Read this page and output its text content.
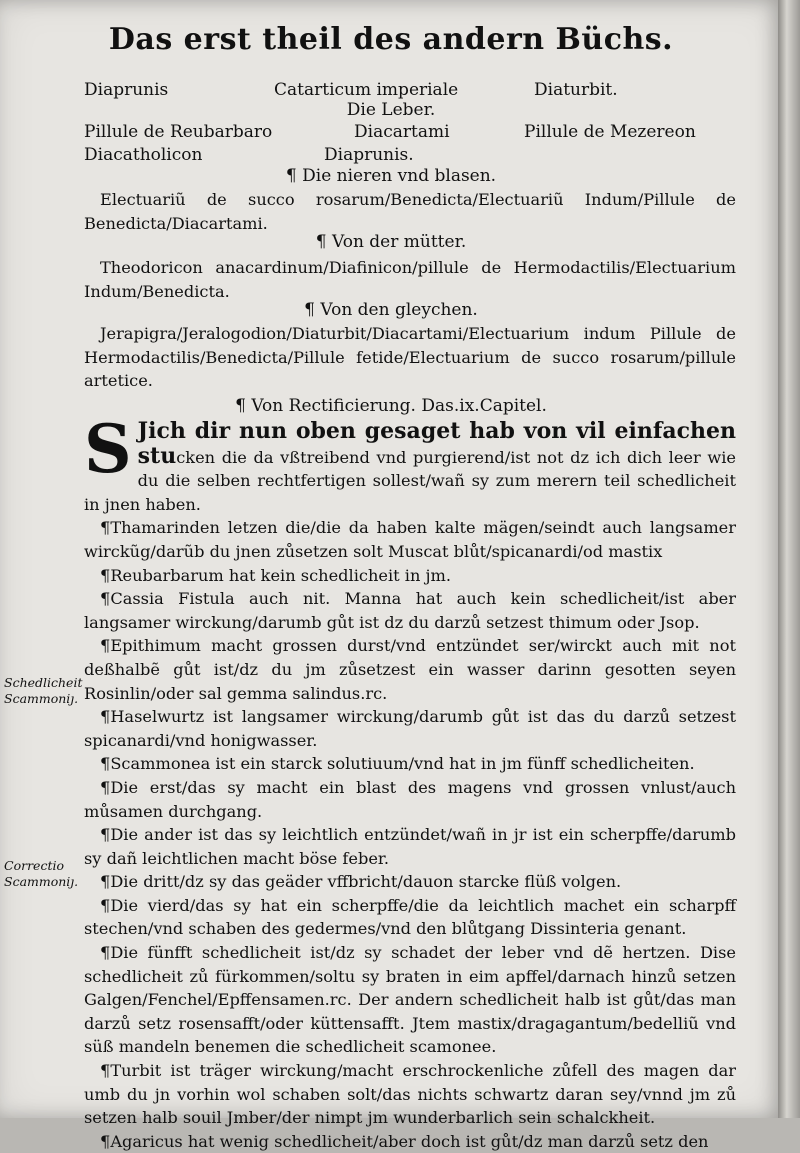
Das erst theil des andern Büchs.
Diaprunis	Catarticum imperiale	Diaturbit.
Die Leber.
Pillule de Reubarbaro	Diacartami	Pillule de Mezereon
Diacatholicon	Diaprunis.
¶ Die nieren vnd blasen.

Electuariũ de succo rosarum/Benedicta/Electuariũ Indum/Pillule de Benedicta/Diacartami.

¶ Von der mütter.

Theodoricon anacardinum/Diafinicon/pillule de Hermodactilis/Electuarium Indum/Benedicta.

¶ Von den gleychen.

Jerapigra/Jeralogodion/Diaturbit/Diacartami/Electuarium indum Pillule de Hermodactilis/Benedicta/Pillule fetide/Electuarium de succo rosarum/pillule artetice.

¶ Von Rectificierung. Das.ix.Capitel.

S Jich dir nun oben gesaget hab von vil einfachen stucken die da vßtreibend vnd purgierend/ist not dz ich dich leer wie du die selben rechtfertigen sollest/wañ sy zum merern teil schedlicheit in jnen haben.

¶Thamarinden letzen die/die da haben kalte mägen/seindt auch langsamer wirckũg/darũb du jnen zůsetzen solt Muscat blůt/spicanardi/od mastix

¶Reubarbarum hat kein schedlicheit in jm.

¶Cassia Fistula auch nit. Manna hat auch kein schedlicheit/ist aber langsamer wirckung/darumb gůt ist dz du darzů setzest thimum oder Jsop.

¶Epithimum macht grossen durst/vnd entzündet ser/wirckt auch mit not deßhalbẽ gůt ist/dz du jm zůsetzest ein wasser darinn gesotten seyen Rosinlin/oder sal gemma salindus.rc.

¶Haselwurtz ist langsamer wirckung/darumb gůt ist das du darzů setzest spicanardi/vnd honigwasser.

¶Scammonea ist ein starck solutiuum/vnd hat in jm fünff schedlicheiten.

¶Die erst/das sy macht ein blast des magens vnd grossen vnlust/auch můsamen durchgang.

¶Die ander ist das sy leichtlich entzündet/wañ in jr ist ein scherpffe/darumb sy dañ leichtlichen macht böse feber.

¶Die dritt/dz sy das geäder vffbricht/dauon starcke flüß volgen.

¶Die vierd/das sy hat ein scherpffe/die da leichtlich machet ein scharpff stechen/vnd schaben des gedermes/vnd den blůtgang Dissinteria genant.

¶Die fünfft schedlicheit ist/dz sy schadet der leber vnd dẽ hertzen. Dise schedlicheit zů fürkommen/soltu sy braten in eim apffel/darnach hinzů setzen Galgen/Fenchel/Epffensamen.rc. Der andern schedlicheit halb ist gůt/das man darzů setz rosensafft/oder küttensafft. Jtem mastix/dragagantum/bedelliũ vnd süß mandeln benemen die schedlicheit scamonee.

¶Turbit ist träger wirckung/macht erschrockenliche zůfell des magen dar umb du jn vorhin wol schaben solt/das nichts schwartz daran sey/vnnd jm zů setzen halb souil Jmber/der nimpt jm wunderbarlich sein schalckheit.

¶Agaricus hat wenig schedlicheit/aber doch ist gůt/dz man darzů setz den

Schedlicheit Scammoniȷ.
Correctio Scammoniȷ.
